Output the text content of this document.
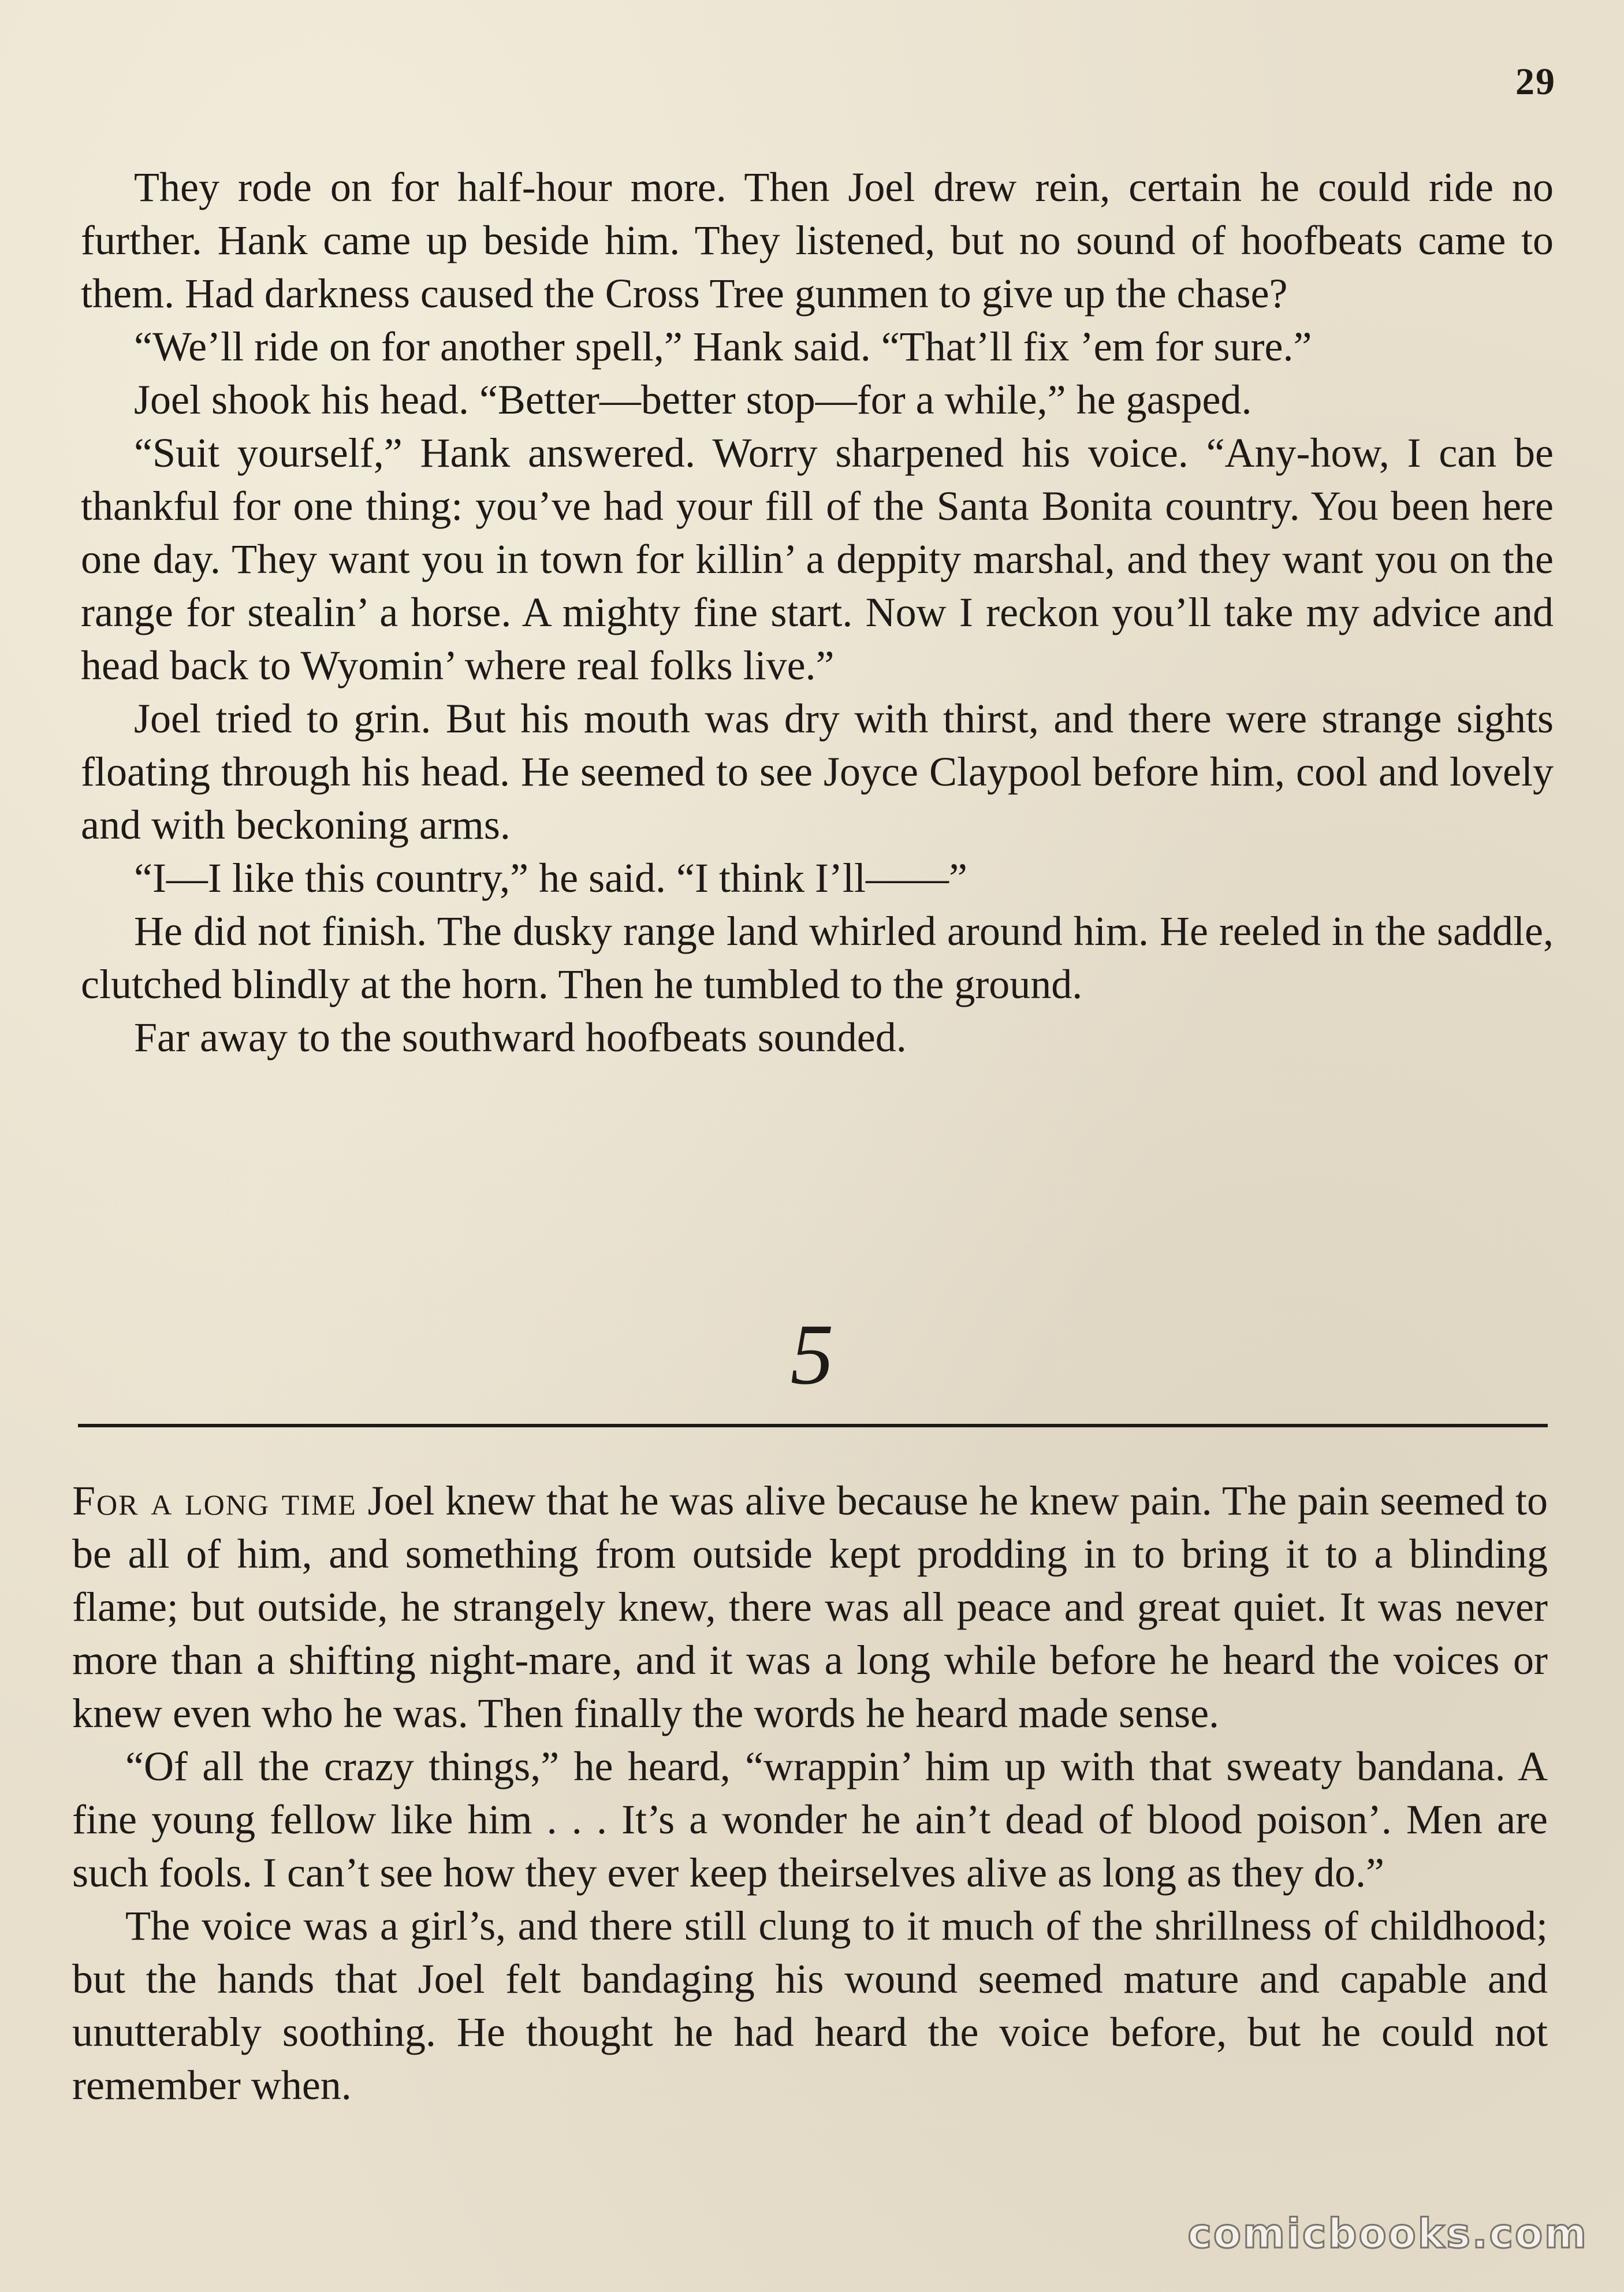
29

They rode on for half-hour more. Then Joel drew rein, certain he could ride no further. Hank came up beside him. They listened, but no sound of hoofbeats came to them. Had darkness caused the Cross Tree gunmen to give up the chase?

“We’ll ride on for another spell,” Hank said. “That’ll fix ’em for sure.”

Joel shook his head. “Better—better stop—for a while,” he gasped.

“Suit yourself,” Hank answered. Worry sharpened his voice. “Any-how, I can be thankful for one thing: you’ve had your fill of the Santa Bonita country. You been here one day. They want you in town for killin’ a deppity marshal, and they want you on the range for stealin’ a horse. A mighty fine start. Now I reckon you’ll take my advice and head back to Wyomin’ where real folks live.”

Joel tried to grin. But his mouth was dry with thirst, and there were strange sights floating through his head. He seemed to see Joyce Claypool before him, cool and lovely and with beckoning arms.

“I—I like this country,” he said. “I think I’ll——”

He did not finish. The dusky range land whirled around him. He reeled in the saddle, clutched blindly at the horn. Then he tumbled to the ground.

Far away to the southward hoofbeats sounded.

5

For a long time Joel knew that he was alive because he knew pain. The pain seemed to be all of him, and something from outside kept prodding in to bring it to a blinding flame; but outside, he strangely knew, there was all peace and great quiet. It was never more than a shifting night-mare, and it was a long while before he heard the voices or knew even who he was. Then finally the words he heard made sense.

“Of all the crazy things,” he heard, “wrappin’ him up with that sweaty bandana. A fine young fellow like him . . . It’s a wonder he ain’t dead of blood poison’. Men are such fools. I can’t see how they ever keep theirselves alive as long as they do.”

The voice was a girl’s, and there still clung to it much of the shrillness of childhood; but the hands that Joel felt bandaging his wound seemed mature and capable and unutterably soothing. He thought he had heard the voice before, but he could not remember when.

comicbooks.com
